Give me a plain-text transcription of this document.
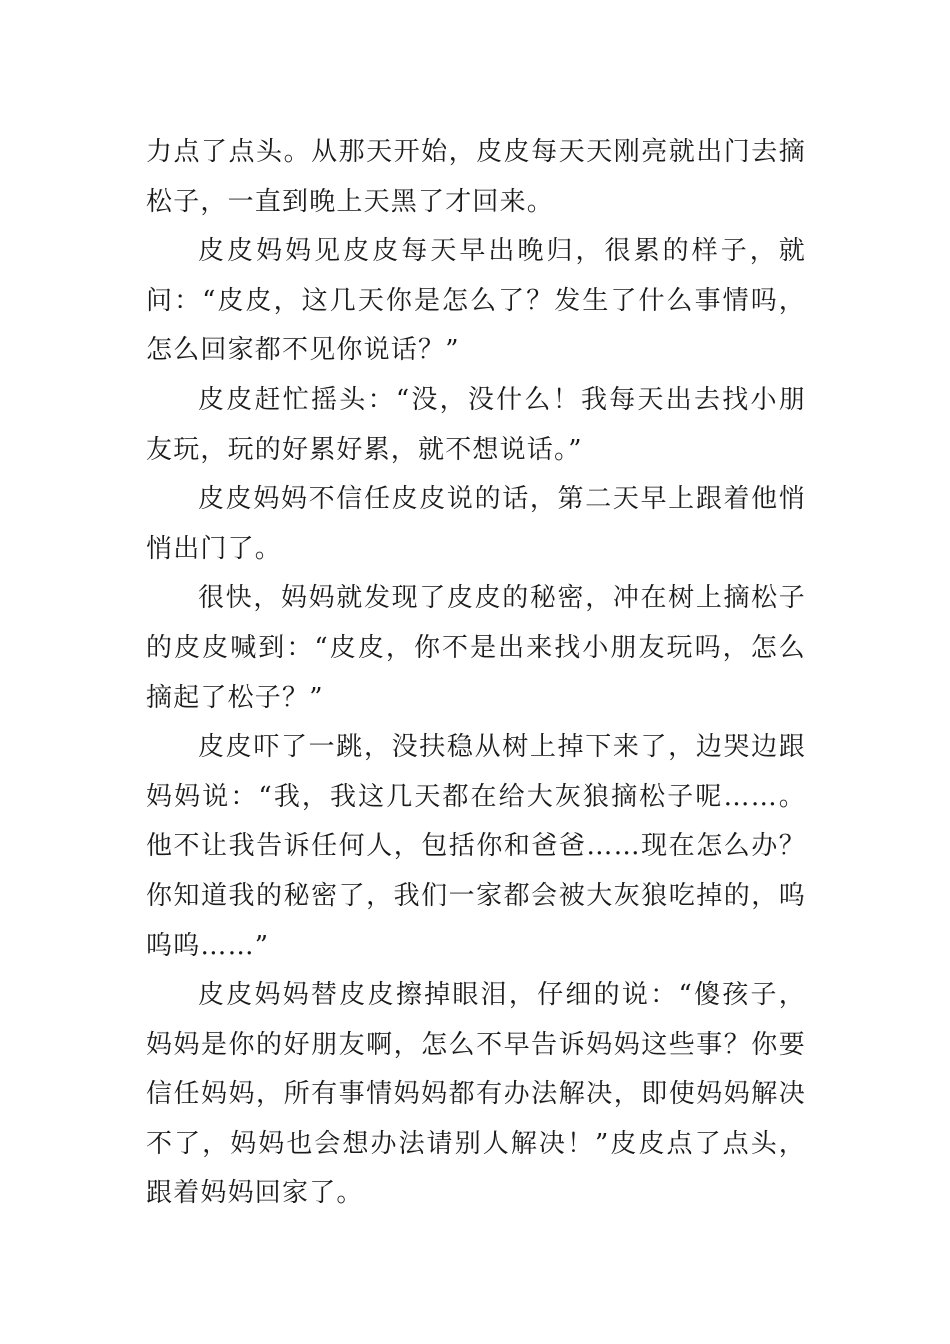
力点了点头。从那天开始，皮皮每天天刚亮就出门去摘松子，一直到晚上天黑了才回来。

皮皮妈妈见皮皮每天早出晚归，很累的样子，就问：“皮皮，这几天你是怎么了？发生了什么事情吗，怎么回家都不见你说话？”

皮皮赶忙摇头：“没，没什么！我每天出去找小朋友玩，玩的好累好累，就不想说话。”

皮皮妈妈不信任皮皮说的话，第二天早上跟着他悄悄出门了。

很快，妈妈就发现了皮皮的秘密，冲在树上摘松子的皮皮喊到：“皮皮，你不是出来找小朋友玩吗，怎么摘起了松子？”

皮皮吓了一跳，没扶稳从树上掉下来了，边哭边跟妈妈说：“我，我这几天都在给大灰狼摘松子呢……。他不让我告诉任何人，包括你和爸爸……现在怎么办？你知道我的秘密了，我们一家都会被大灰狼吃掉的，呜呜呜……”

皮皮妈妈替皮皮擦掉眼泪，仔细的说：“傻孩子，妈妈是你的好朋友啊，怎么不早告诉妈妈这些事？你要信任妈妈，所有事情妈妈都有办法解决，即使妈妈解决不了，妈妈也会想办法请别人解决！”皮皮点了点头，跟着妈妈回家了。
